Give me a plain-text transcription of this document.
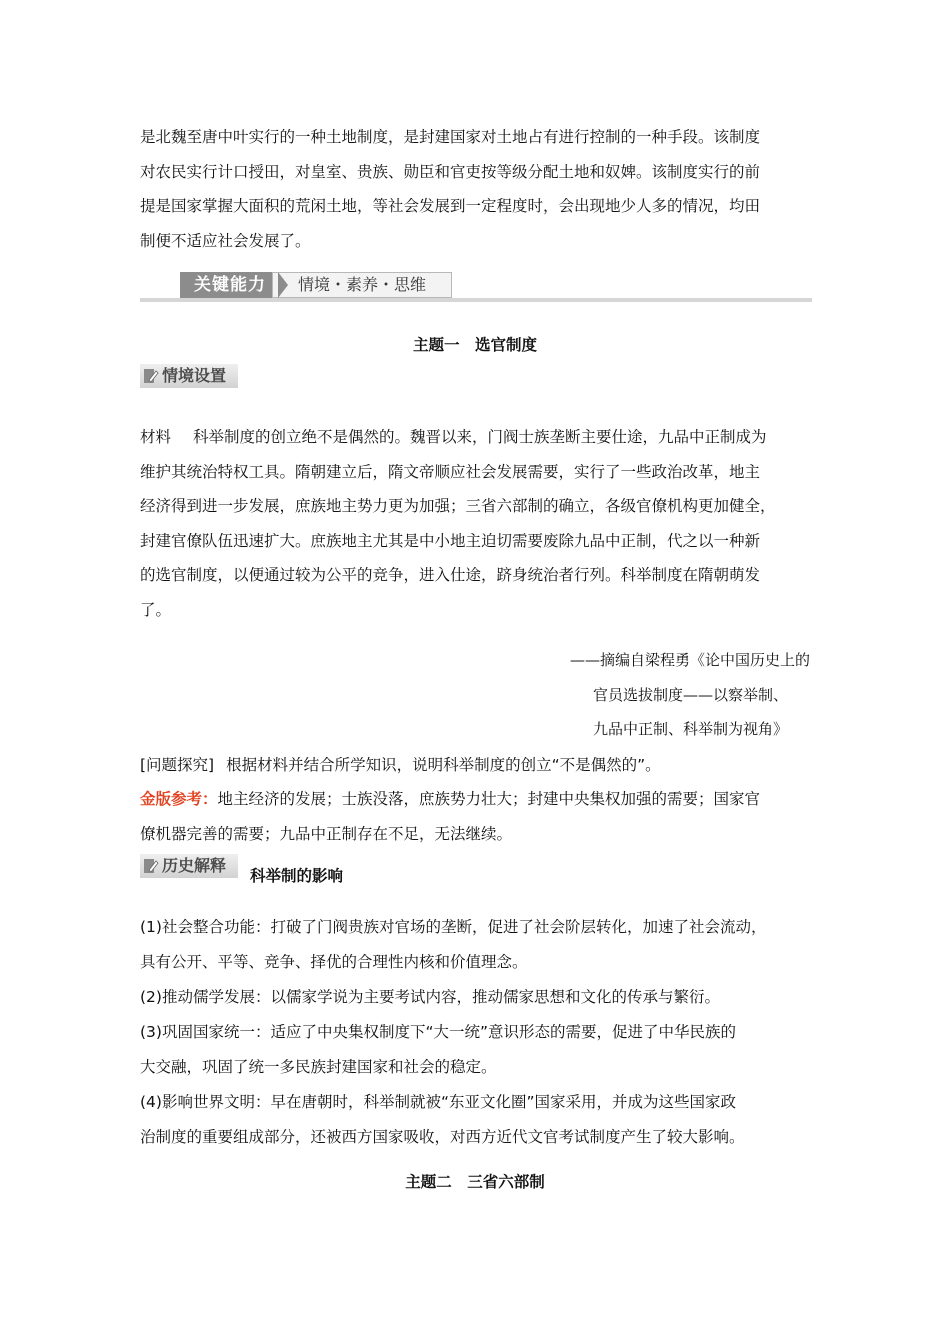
是北魏至唐中叶实行的一种土地制度，是封建国家对土地占有进行控制的一种手段。该制度

对农民实行计口授田，对皇室、贵族、勋臣和官吏按等级分配土地和奴婢。该制度实行的前

提是国家掌握大面积的荒闲土地，等社会发展到一定程度时，会出现地少人多的情况，均田

制便不适应社会发展了。

关键能力	情境・素养・思维
主题一　选官制度
情境设置

材料 科举制度的创立绝不是偶然的。魏晋以来，门阀士族垄断主要仕途，九品中正制成为

维护其统治特权工具。隋朝建立后，隋文帝顺应社会发展需要，实行了一些政治改革，地主

经济得到进一步发展，庶族地主势力更为加强；三省六部制的确立，各级官僚机构更加健全，

封建官僚队伍迅速扩大。庶族地主尤其是中小地主迫切需要废除九品中正制，代之以一种新

的选官制度，以便通过较为公平的竞争，进入仕途，跻身统治者行列。科举制度在隋朝萌发

了。

——摘编自梁程勇《论中国历史上的
官员选拔制度——以察举制、
九品中正制、科举制为视角》
[问题探究] 根据材料并结合所学知识，说明科举制度的创立“不是偶然的”。

金版参考：地主经济的发展；士族没落，庶族势力壮大；封建中央集权加强的需要；国家官

僚机器完善的需要；九品中正制存在不足，无法继续。

历史解释
科举制的影响

(1)社会整合功能：打破了门阀贵族对官场的垄断，促进了社会阶层转化，加速了社会流动，

具有公开、平等、竞争、择优的合理性内核和价值理念。

(2)推动儒学发展：以儒家学说为主要考试内容，推动儒家思想和文化的传承与繁衍。

(3)巩固国家统一：适应了中央集权制度下“大一统”意识形态的需要，促进了中华民族的

大交融，巩固了统一多民族封建国家和社会的稳定。

(4)影响世界文明：早在唐朝时，科举制就被“东亚文化圈”国家采用，并成为这些国家政

治制度的重要组成部分，还被西方国家吸收，对西方近代文官考试制度产生了较大影响。

主题二　三省六部制
